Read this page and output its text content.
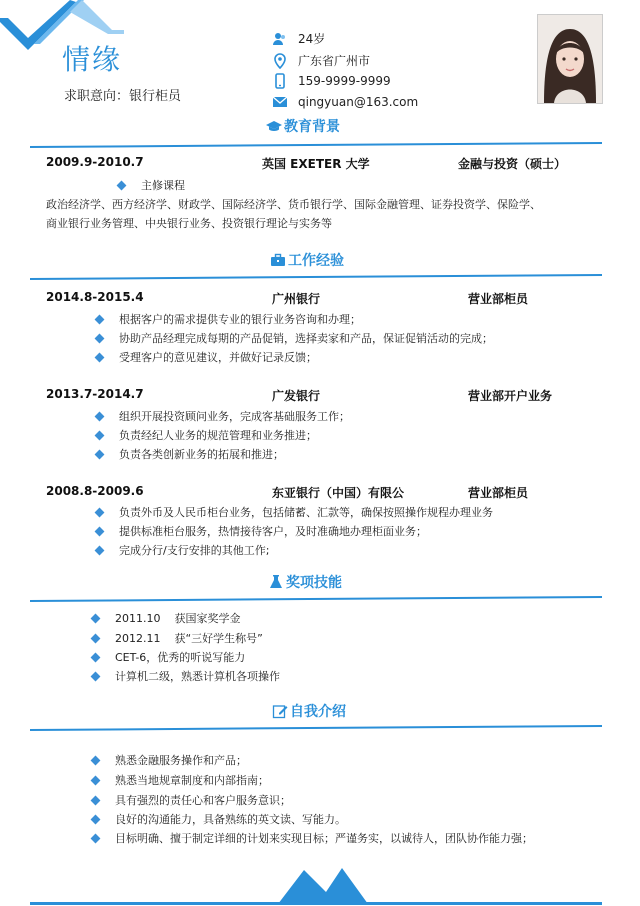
情缘
求职意向：银行柜员
24岁
广东省广州市
159-9999-9999
qingyuan@163.com
教育背景
2009.9-2010.7	英国 EXETER 大学	金融与投资（硕士）
主修课程
政治经济学、西方经济学、财政学、国际经济学、货币银行学、国际金融管理、证券投资学、保险学、
商业银行业务管理、中央银行业务、投资银行理论与实务等
工作经验
2014.8-2015.4	广州银行	营业部柜员
根据客户的需求提供专业的银行业务咨询和办理；
协助产品经理完成每期的产品促销，选择卖家和产品，保证促销活动的完成；
受理客户的意见建议，并做好记录反馈；
2013.7-2014.7	广发银行	营业部开户业务
组织开展投资顾问业务，完成客基础服务工作；
负责经纪人业务的规范管理和业务推进；
负责各类创新业务的拓展和推进；
2008.8-2009.6	东亚银行（中国）有限公	营业部柜员
负责外币及人民币柜台业务，包括储蓄、汇款等，确保按照操作规程办理业务
提供标准柜台服务，热情接待客户，及时准确地办理柜面业务；
完成分行/支行安排的其他工作;
奖项技能
2011.10    获国家奖学金
2012.11    获“三好学生称号”
CET-6，优秀的听说写能力
计算机二级，熟悉计算机各项操作
自我介绍
熟悉金融服务操作和产品；
熟悉当地规章制度和内部指南；
具有强烈的责任心和客户服务意识；
良好的沟通能力，具备熟练的英文读、写能力。
目标明确、擅于制定详细的计划来实现目标；严谨务实，以诚待人，团队协作能力强；
